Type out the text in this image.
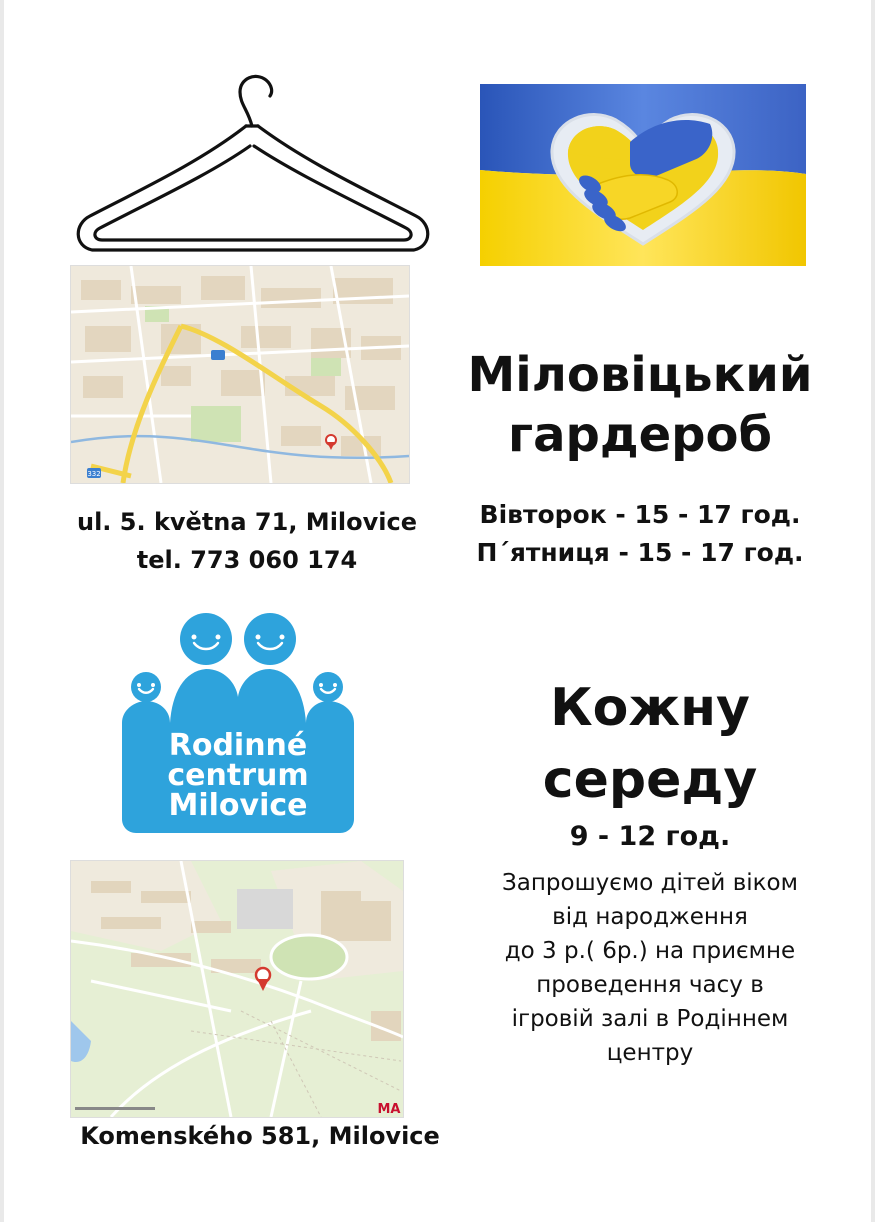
332
Міловіцький
гардероб
Вівторок - 15 - 17 год.
П´ятниця - 15 - 17 год.
ul. 5. května 71, Milovice
tel. 773 060 174
Rodinné
centrum
Milovice
Кожну
середу
9 - 12 год.
Запрошуємо дітей віком
від народження
до 3 р.( 6р.) на приємне
проведення часу в
ігровій залі в Родіннем
центру
MA
Komenského 581, Milovice
